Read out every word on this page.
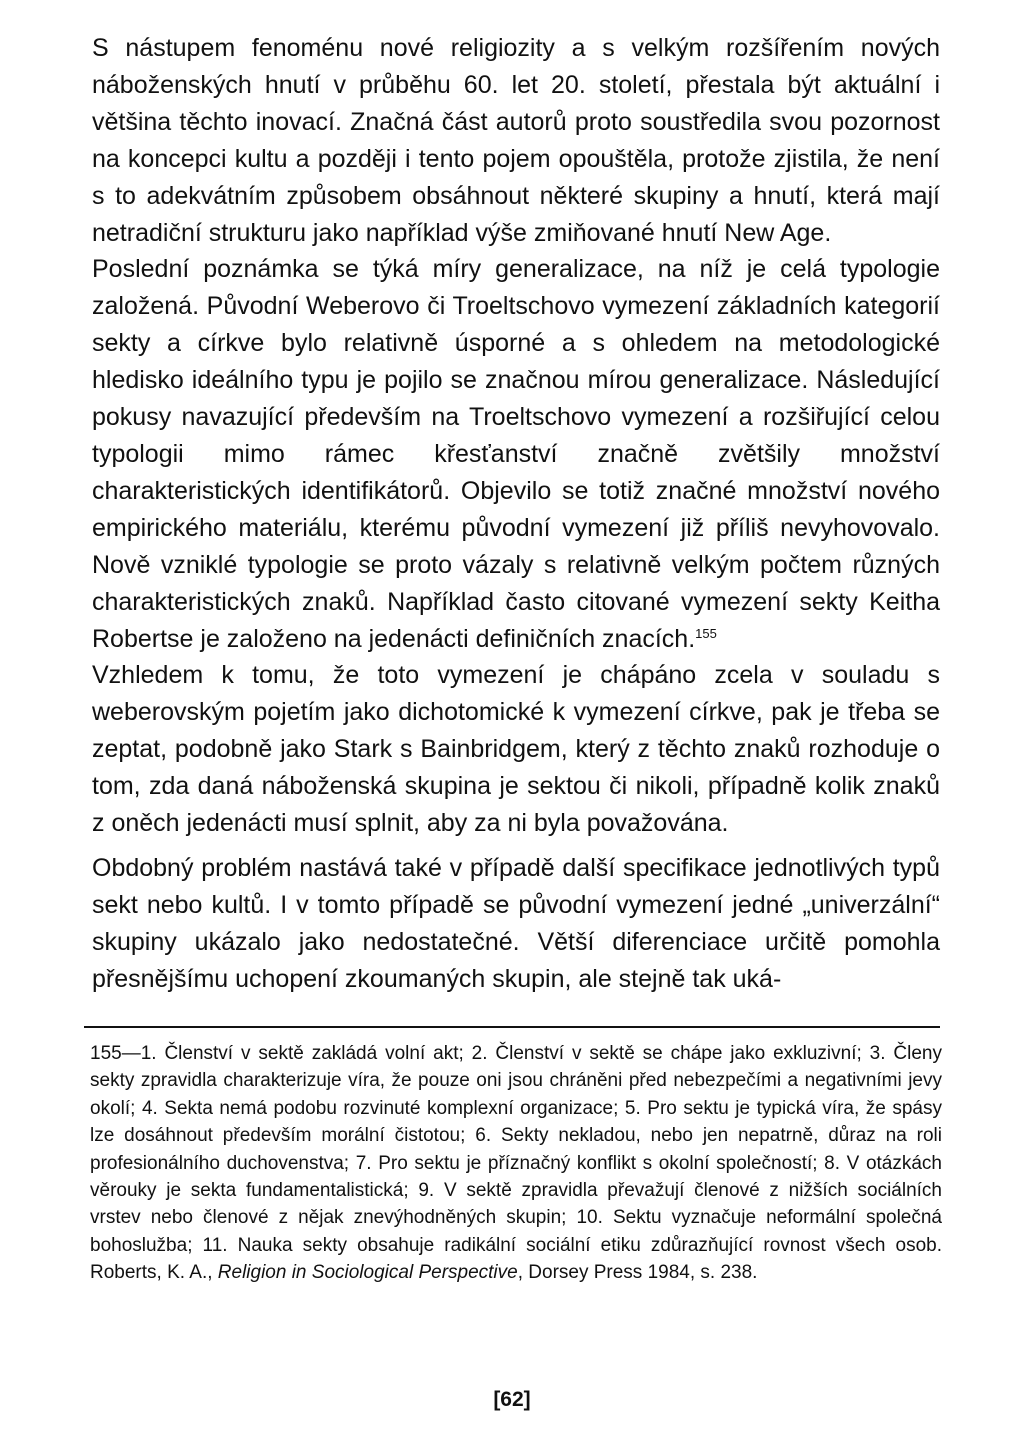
S nástupem fenoménu nové religiozity a s velkým rozšířením nových náboženských hnutí v průběhu 60. let 20. století, přestala být aktuální i většina těchto inovací. Značná část autorů proto soustředila svou pozornost na koncepci kultu a později i tento pojem opouštěla, protože zjistila, že není s to adekvátním způsobem obsáhnout některé skupiny a hnutí, která mají netradiční strukturu jako například výše zmiňované hnutí New Age.

Poslední poznámka se týká míry generalizace, na níž je celá typologie založená. Původní Weberovo či Troeltschovo vymezení základních kategorií sekty a církve bylo relativně úsporné a s ohledem na metodologické hledisko ideálního typu je pojilo se značnou mírou generalizace. Následující pokusy navazující především na Troeltschovo vymezení a rozšiřující celou typologii mimo rámec křesťanství značně zvětšily množství charakteristických identifikátorů. Objevilo se totiž značné množství nového empirického materiálu, kterému původní vymezení již příliš nevyhovovalo. Nově vzniklé typologie se proto vázaly s relativně velkým počtem různých charakteristických znaků. Například často citované vymezení sekty Keitha Robertse je založeno na jedenácti definičních znacích.$^{155}$

Vzhledem k tomu, že toto vymezení je chápáno zcela v souladu s weberovským pojetím jako dichotomické k vymezení církve, pak je třeba se zeptat, podobně jako Stark s Bainbridgem, který z těchto znaků rozhoduje o tom, zda daná náboženská skupina je sektou či nikoli, případně kolik znaků z oněch jedenácti musí splnit, aby za ni byla považována.

Obdobný problém nastává také v případě další specifikace jednotlivých typů sekt nebo kultů. I v tomto případě se původní vymezení jedné „univerzální“ skupiny ukázalo jako nedostatečné. Větší diferenciace určitě pomohla přesnějšímu uchopení zkoumaných skupin, ale stejně tak uká-

155—1. Členství v sektě zakládá volní akt; 2. Členství v sektě se chápe jako exkluzivní; 3. Členy sekty zpravidla charakterizuje víra, že pouze oni jsou chráněni před nebezpečími a negativními jevy okolí; 4. Sekta nemá podobu rozvinuté komplexní organizace; 5. Pro sektu je typická víra, že spásy lze dosáhnout především morální čistotou; 6. Sekty nekladou, nebo jen nepatrně, důraz na roli profesionálního duchovenstva; 7. Pro sektu je příznačný konflikt s okolní společností; 8. V otázkách věrouky je sekta fundamentalistická; 9. V sektě zpravidla převažují členové z nižších sociálních vrstev nebo členové z nějak znevýhodněných skupin; 10. Sektu vyznačuje neformální společná bohoslužba; 11. Nauka sekty obsahuje radikální sociální etiku zdůrazňující rovnost všech osob. Roberts, K. A., Religion in Sociological Perspective, Dorsey Press 1984, s. 238.

[62]
